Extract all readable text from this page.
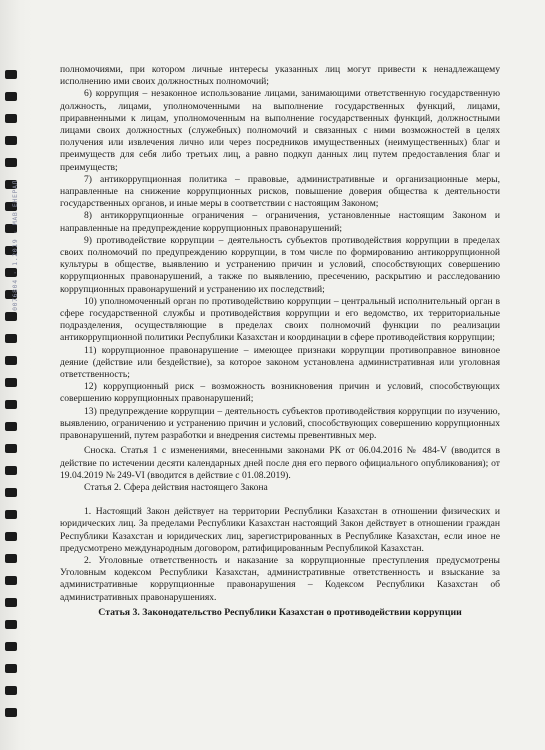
0076804 · 1.2019 · МАВ ЕНЕРАЛ

полномочиями, при котором личные интересы указанных лиц могут привести к ненадлежащему исполнению ими своих должностных полномочий;

6) коррупция – незаконное использование лицами, занимающими ответственную государственную должность, лицами, уполномоченными на выполнение государственных функций, лицами, приравненными к лицам, уполномоченным на выполнение государственных функций, должностными лицами своих должностных (служебных) полномочий и связанных с ними возможностей в целях получения или извлечения лично или через посредников имущественных (неимущественных) благ и преимуществ для себя либо третьих лиц, а равно подкуп данных лиц путем предоставления благ и преимуществ;

7) антикоррупционная политика – правовые, административные и организационные меры, направленные на снижение коррупционных рисков, повышение доверия общества к деятельности государственных органов, и иные меры в соответствии с настоящим Законом;

8) антикоррупционные ограничения – ограничения, установленные настоящим Законом и направленные на предупреждение коррупционных правонарушений;

9) противодействие коррупции – деятельность субъектов противодействия коррупции в пределах своих полномочий по предупреждению коррупции, в том числе по формированию антикоррупционной культуры в обществе, выявлению и устранению причин и условий, способствующих совершению коррупционных правонарушений, а также по выявлению, пресечению, раскрытию и расследованию коррупционных правонарушений и устранению их последствий;

10) уполномоченный орган по противодействию коррупции – центральный исполнительный орган в сфере государственной службы и противодействия коррупции и его ведомство, их территориальные подразделения, осуществляющие в пределах своих полномочий функции по реализации антикоррупционной политики Республики Казахстан и координации в сфере противодействия коррупции;

11) коррупционное правонарушение – имеющее признаки коррупции противоправное виновное деяние (действие или бездействие), за которое законом установлена административная или уголовная ответственность;

12) коррупционный риск – возможность возникновения причин и условий, способствующих совершению коррупционных правонарушений;

13) предупреждение коррупции – деятельность субъектов противодействия коррупции по изучению, выявлению, ограничению и устранению причин и условий, способствующих совершению коррупционных правонарушений, путем разработки и внедрения системы превентивных мер.

Сноска. Статья 1 с изменениями, внесенными законами РК от 06.04.2016 № 484-V (вводится в действие по истечении десяти календарных дней после дня его первого официального опубликования); от 19.04.2019 № 249-VI (вводится в действие с 01.08.2019).

Статья 2. Сфера действия настоящего Закона

1. Настоящий Закон действует на территории Республики Казахстан в отношении физических и юридических лиц. За пределами Республики Казахстан настоящий Закон действует в отношении граждан Республики Казахстан и юридических лиц, зарегистрированных в Республике Казахстан, если иное не предусмотрено международным договором, ратифицированным Республикой Казахстан.

2. Уголовные ответственность и наказание за коррупционные преступления предусмотрены Уголовным кодексом Республики Казахстан, административные ответственность и взыскание за административные коррупционные правонарушения – Кодексом Республики Казахстан об административных правонарушениях.

Статья 3. Законодательство Республики Казахстан о противодействии коррупции
